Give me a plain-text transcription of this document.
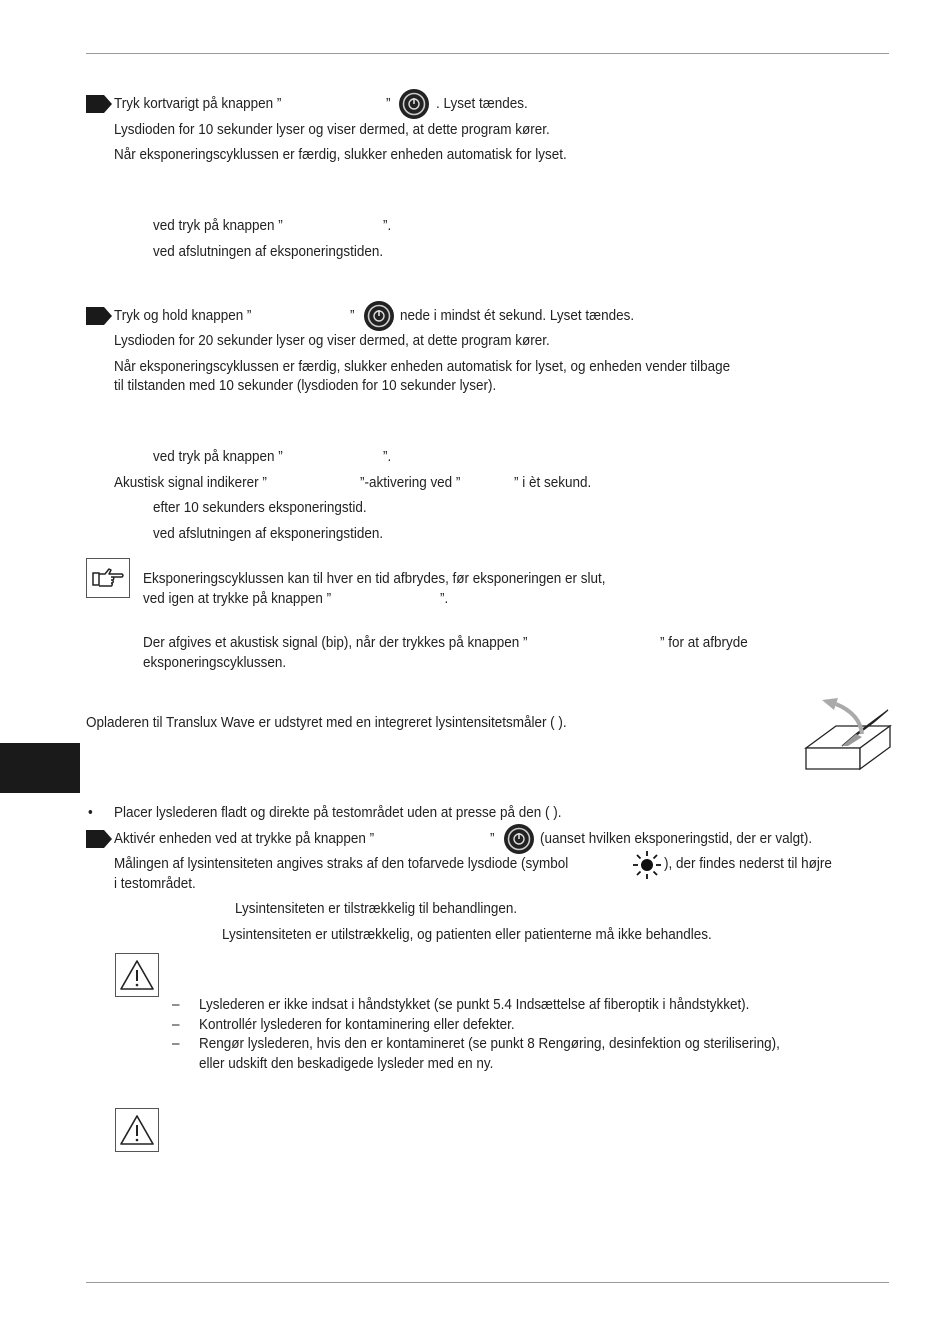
Tryk kortvarigt på knappen ”	”	. Lyset tændes.
Lysdioden for 10 sekunder lyser og viser dermed, at dette program kører.
Når eksponeringscyklussen er færdig, slukker enheden automatisk for lyset.
ved tryk på knappen ”	”.
ved afslutningen af eksponeringstiden.
Tryk og hold knappen ”	”	nede i mindst ét sekund. Lyset tændes.
Lysdioden for 20 sekunder lyser og viser dermed, at dette program kører.
Når eksponeringscyklussen er færdig, slukker enheden automatisk for lyset, og enheden vender tilbage
til tilstanden med 10 sekunder (lysdioden for 10 sekunder lyser).
ved tryk på knappen ”	”.
Akustisk signal indikerer ”	”-aktivering ved ”	” i èt sekund.
efter 10 sekunders eksponeringstid.
ved afslutningen af eksponeringstiden.
Eksponeringscyklussen kan til hver en tid afbrydes, før eksponeringen er slut,
ved igen at trykke på knappen ”	”.
Der afgives et akustisk signal (bip), når der trykkes på knappen ”	” for at afbryde
eksponeringscyklussen.
Opladeren til Translux Wave er udstyret med en integreret lysintensitetsmåler ( ).
• Placer lyslederen fladt og direkte på testområdet uden at presse på den ( ).
Aktivér enheden ved at trykke på knappen ”	”	(uanset hvilken eksponeringstid, der er valgt).
Målingen af lysintensiteten angives straks af den tofarvede lysdiode (symbol	), der findes nederst til højre
i testområdet.
Lysintensiteten er tilstrækkelig til behandlingen.
Lysintensiteten er utilstrækkelig, og patienten eller patienterne må ikke behandles.
– Lyslederen er ikke indsat i håndstykket (se punkt 5.4 Indsættelse af fiberoptik i håndstykket).
– Kontrollér lyslederen for kontaminering eller defekter.
– Rengør lyslederen, hvis den er kontamineret (se punkt 8 Rengøring, desinfektion og sterilisering),
eller udskift den beskadigede lysleder med en ny.
